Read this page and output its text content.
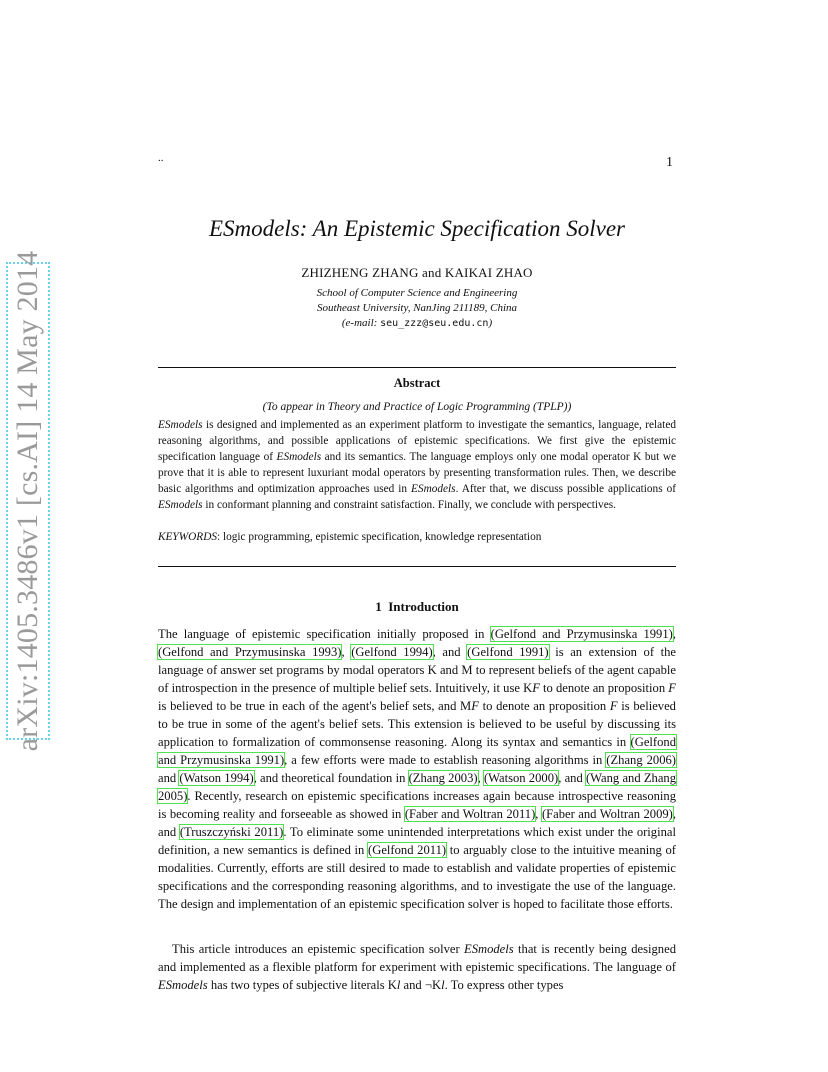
arXiv:1405.3486v1 [cs.AI] 14 May 2014
..	1
ESmodels: An Epistemic Specification Solver
ZHIZHENG ZHANG and KAIKAI ZHAO
School of Computer Science and Engineering
Southeast University, NanJing 211189, China
(e-mail: seu_zzz@seu.edu.cn)
Abstract
(To appear in Theory and Practice of Logic Programming (TPLP))

ESmodels is designed and implemented as an experiment platform to investigate the semantics, language, related reasoning algorithms, and possible applications of epistemic specifications. We first give the epistemic specification language of ESmodels and its semantics. The language employs only one modal operator K but we prove that it is able to represent luxuriant modal operators by presenting transformation rules. Then, we describe basic algorithms and optimization approaches used in ESmodels. After that, we discuss possible applications of ESmodels in conformant planning and constraint satisfaction. Finally, we conclude with perspectives.

KEYWORDS: logic programming, epistemic specification, knowledge representation
1 Introduction

The language of epistemic specification initially proposed in (Gelfond and Przymusinska 1991), (Gelfond and Przymusinska 1993), (Gelfond 1994), and (Gelfond 1991) is an extension of the language of answer set programs by modal operators K and M to represent beliefs of the agent capable of introspection in the presence of multiple belief sets. Intuitively, it use KF to denote an proposition F is believed to be true in each of the agent's belief sets, and MF to denote an proposition F is believed to be true in some of the agent's belief sets. This extension is believed to be useful by discussing its application to formalization of commonsense reasoning. Along its syntax and semantics in (Gelfond and Przymusinska 1991), a few efforts were made to establish reasoning algorithms in (Zhang 2006) and (Watson 1994), and theoretical foundation in (Zhang 2003), (Watson 2000), and (Wang and Zhang 2005). Recently, research on epistemic specifications increases again because introspective reasoning is becoming reality and forseeable as showed in (Faber and Woltran 2011), (Faber and Woltran 2009), and (Truszczyński 2011). To eliminate some unintended interpretations which exist under the original definition, a new semantics is defined in (Gelfond 2011) to arguably close to the intuitive meaning of modalities. Currently, efforts are still desired to made to establish and validate properties of epistemic specifications and the corresponding reasoning algorithms, and to investigate the use of the language. The design and implementation of an epistemic specification solver is hoped to facilitate those efforts.

This article introduces an epistemic specification solver ESmodels that is recently being designed and implemented as a flexible platform for experiment with epistemic specifications. The language of ESmodels has two types of subjective literals Kl and ¬Kl. To express other types
